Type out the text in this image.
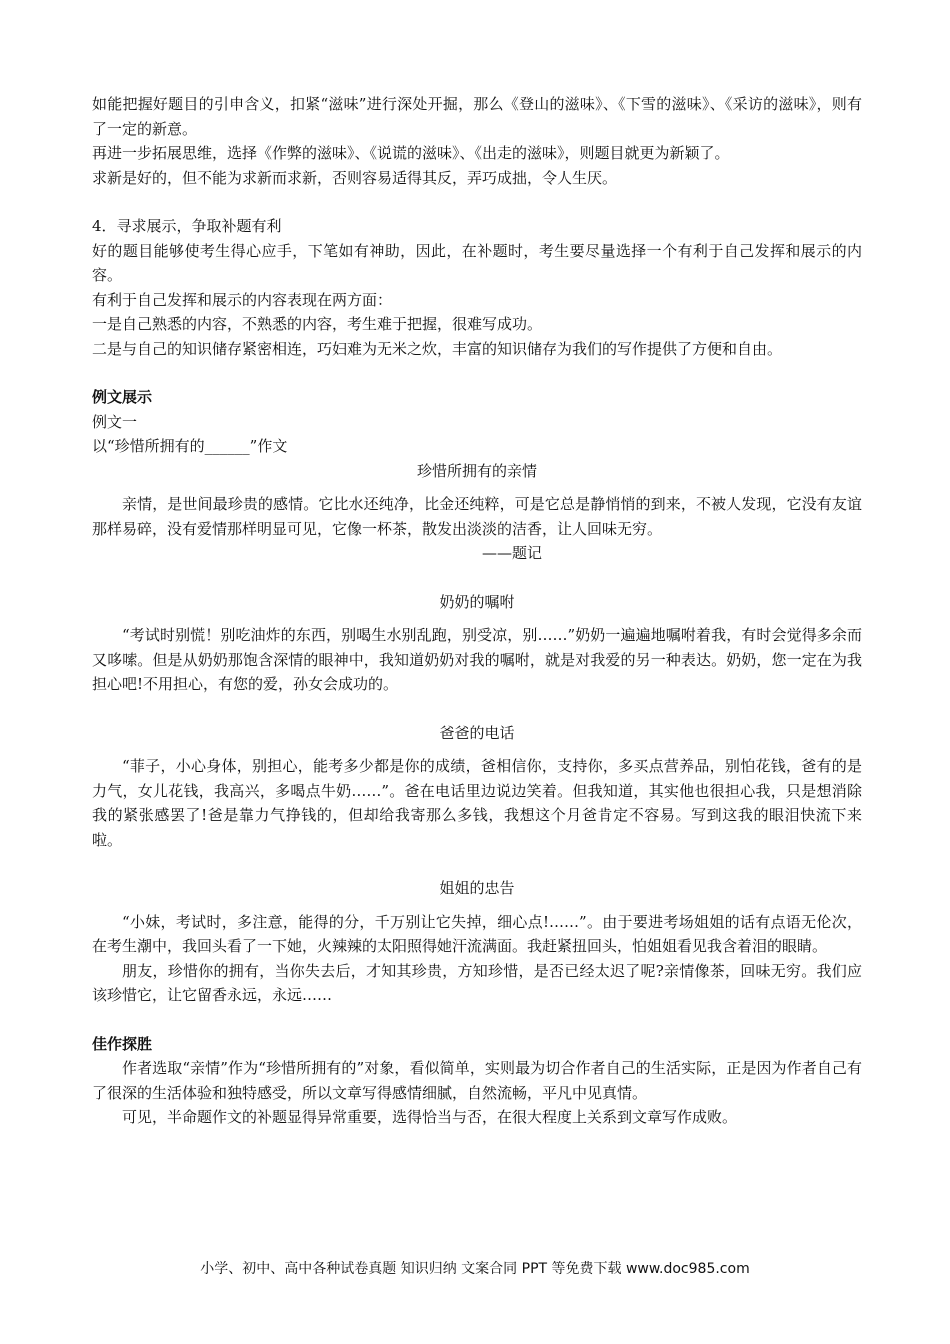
如能把握好题目的引申含义，扣紧“滋味”进行深处开掘，那么《登山的滋味》、《下雪的滋味》、《采访的滋味》，则有了一定的新意。

再进一步拓展思维，选择《作弊的滋味》、《说谎的滋味》、《出走的滋味》，则题目就更为新颖了。

求新是好的，但不能为求新而求新，否则容易适得其反，弄巧成拙，令人生厌。

4．寻求展示，争取补题有利

好的题目能够使考生得心应手，下笔如有神助，因此，在补题时，考生要尽量选择一个有利于自己发挥和展示的内容。

有利于自己发挥和展示的内容表现在两方面：

一是自己熟悉的内容，不熟悉的内容，考生难于把握，很难写成功。

二是与自己的知识储存紧密相连，巧妇难为无米之炊，丰富的知识储存为我们的写作提供了方便和自由。

例文展示

例文一

以“珍惜所拥有的______”作文

珍惜所拥有的亲情

亲情，是世间最珍贵的感情。它比水还纯净，比金还纯粹，可是它总是静悄悄的到来，不被人发现，它没有友谊那样易碎，没有爱情那样明显可见，它像一杯茶，散发出淡淡的洁香，让人回味无穷。

——题记

奶奶的嘱咐

“考试时别慌！别吃油炸的东西，别喝生水别乱跑，别受凉，别……”奶奶一遍遍地嘱咐着我，有时会觉得多余而又哆嗦。但是从奶奶那饱含深情的眼神中，我知道奶奶对我的嘱咐，就是对我爱的另一种表达。奶奶，您一定在为我担心吧!不用担心，有您的爱，孙女会成功的。

爸爸的电话

“菲子，小心身体，别担心，能考多少都是你的成绩，爸相信你，支持你，多买点营养品，别怕花钱，爸有的是力气，女儿花钱，我高兴，多喝点牛奶……”。爸在电话里边说边笑着。但我知道，其实他也很担心我，只是想消除我的紧张感罢了!爸是靠力气挣钱的，但却给我寄那么多钱，我想这个月爸肯定不容易。写到这我的眼泪快流下来啦。

姐姐的忠告

“小妹，考试时，多注意，能得的分，千万别让它失掉，细心点!……”。由于要进考场姐姐的话有点语无伦次，在考生潮中，我回头看了一下她，火辣辣的太阳照得她汗流满面。我赶紧扭回头，怕姐姐看见我含着泪的眼睛。

朋友，珍惜你的拥有，当你失去后，才知其珍贵，方知珍惜，是否已经太迟了呢?亲情像茶，回味无穷。我们应该珍惜它，让它留香永远，永远……

佳作探胜

作者选取“亲情”作为“珍惜所拥有的”对象，看似简单，实则最为切合作者自己的生活实际，正是因为作者自己有了很深的生活体验和独特感受，所以文章写得感情细腻，自然流畅，平凡中见真情。

可见，半命题作文的补题显得异常重要，选得恰当与否，在很大程度上关系到文章写作成败。

小学、初中、高中各种试卷真题 知识归纳 文案合同 PPT 等免费下载 www.doc985.com
